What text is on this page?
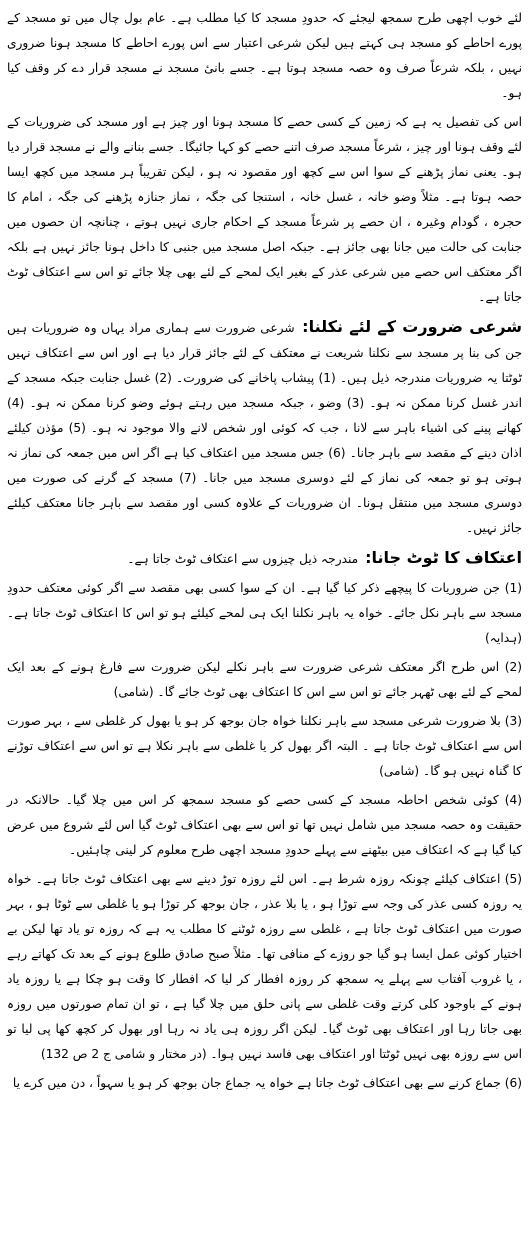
لئے خوب اچھی طرح سمجھ لیجئے کہ حدودِ مسجد کا کیا مطلب ہے۔ عام بول چال میں تو مسجد کے پورے احاطے کو مسجد ہی کہتے ہیں لیکن شرعی اعتبار سے اس پورے احاطے کا مسجد ہونا ضروری نہیں ، بلکہ شرعاً صرف وہ حصہ مسجد ہوتا ہے۔ جسے بانیٔ مسجد نے مسجد قرار دے کر وقف کیا ہو۔

اس کی تفصیل یہ ہے کہ زمین کے کسی حصے کا مسجد ہونا اور چیز ہے اور مسجد کی ضروریات کے لئے وقف ہونا اور چیز ، شرعاً مسجد صرف اتنے حصے کو کہا جائیگا۔ جسے بنانے والے نے مسجد قرار دیا ہو۔ یعنی نماز پڑھنے کے سوا اس سے کچھ اور مقصود نہ ہو ، لیکن تقریباً ہر مسجد میں کچھ ایسا حصہ ہوتا ہے۔ مثلاً وضو خانہ ، غسل خانہ ، استنجا کی جگہ ، نماز جنازہ پڑھنے کی جگہ ، امام کا حجرہ ، گودام وغیرہ ، ان حصے پر شرعاً مسجد کے احکام جاری نہیں ہوتے ، چنانچہ ان حصوں میں جنابت کی حالت میں جانا بھی جائز ہے۔ جبکہ اصل مسجد میں جنبی کا داخل ہونا جائز نہیں ہے بلکہ اگر معتکف اس حصے میں شرعی عذر کے بغیر ایک لمحے کے لئے بھی چلا جائے تو اس سے اعتکاف ٹوٹ جاتا ہے۔

شرعی ضرورت کے لئے نکلنا: شرعی ضرورت سے ہماری مراد یہاں وہ ضروریات ہیں جن کی بنا پر مسجد سے نکلنا شریعت نے معتکف کے لئے جائز قرار دیا ہے اور اس سے اعتکاف نہیں ٹوٹتا یہ ضروریات مندرجہ ذیل ہیں۔ (1) پیشاب پاخانے کی ضرورت۔ (2) غسل جنابت جبکہ مسجد کے اندر غسل کرنا ممکن نہ ہو۔ (3) وضو ، جبکہ مسجد میں رہتے ہوئے وضو کرنا ممکن نہ ہو۔ (4) کھانے پینے کی اشیاء باہر سے لانا ، جب کہ کوئی اور شخص لانے والا موجود نہ ہو۔ (5) مؤذن کیلئے اذان دینے کے مقصد سے باہر جانا۔ (6) جس مسجد میں اعتکاف کیا ہے اگر اس میں جمعہ کی نماز نہ ہوتی ہو تو جمعہ کی نماز کے لئے دوسری مسجد میں جانا۔ (7) مسجد کے گرنے کی صورت میں دوسری مسجد میں منتقل ہونا۔ ان ضروریات کے علاوہ کسی اور مقصد سے باہر جانا معتکف کیلئے جائز نہیں۔

اعتکاف کا ٹوٹ جانا: مندرجہ ذیل چیزوں سے اعتکاف ٹوٹ جاتا ہے۔

(1) جن ضروریات کا پیچھے ذکر کیا گیا ہے۔ ان کے سوا کسی بھی مقصد سے اگر کوئی معتکف حدودِ مسجد سے باہر نکل جائے۔ خواہ یہ باہر نکلنا ایک ہی لمحے کیلئے ہو تو اس کا اعتکاف ٹوٹ جاتا ہے۔ (ہدایہ)

(2) اس طرح اگر معتکف شرعی ضرورت سے باہر نکلے لیکن ضرورت سے فارغ ہونے کے بعد ایک لمحے کے لئے بھی ٹھہر جائے تو اس سے اس کا اعتکاف بھی ٹوٹ جائے گا۔ (شامی)

(3) بلا ضرورت شرعی مسجد سے باہر نکلنا خواہ جان بوجھ کر ہو یا بھول کر غلطی سے ، بہر صورت اس سے اعتکاف ٹوٹ جاتا ہے ۔ البتہ اگر بھول کر یا غلطی سے باہر نکلا ہے تو اس سے اعتکاف توڑنے کا گناہ نہیں ہو گا۔ (شامی)

(4) کوئی شخص احاطہ مسجد کے کسی حصے کو مسجد سمجھ کر اس میں چلا گیا۔ حالانکہ در حقیقت وہ حصہ مسجد میں شامل نہیں تھا تو اس سے بھی اعتکاف ٹوٹ گیا اس لئے شروع میں عرض کیا گیا ہے کہ اعتکاف میں بیٹھنے سے پہلے حدودِ مسجد اچھی طرح معلوم کر لینی چاہئیں۔

(5) اعتکاف کیلئے چونکہ روزہ شرط ہے۔ اس لئے روزہ توڑ دینے سے بھی اعتکاف ٹوٹ جاتا ہے۔ خواہ یہ روزہ کسی عذر کی وجہ سے توڑا ہو ، یا بلا عذر ، جان بوجھ کر توڑا ہو یا غلطی سے ٹوٹا ہو ، بہر صورت میں اعتکاف ٹوٹ جاتا ہے ، غلطی سے روزہ ٹوٹنے کا مطلب یہ ہے کہ روزہ تو یاد تھا لیکن بے اختیار کوئی عمل ایسا ہو گیا جو روزے کے منافی تھا۔ مثلاً صبح صادق طلوع ہونے کے بعد تک کھاتے رہے ، یا غروب آفتاب سے پہلے یہ سمجھ کر روزہ افطار کر لیا کہ افطار کا وقت ہو چکا ہے یا روزہ یاد ہونے کے باوجود کلی کرتے وقت غلطی سے پانی حلق میں چلا گیا ہے ، تو ان تمام صورتوں میں روزہ بھی جاتا رہا اور اعتکاف بھی ٹوٹ گیا۔ لیکن اگر روزہ ہی یاد نہ رہا اور بھول کر کچھ کھا پی لیا تو اس سے روزہ بھی نہیں ٹوٹتا اور اعتکاف بھی فاسد نہیں ہوا۔ (در مختار و شامی ج 2 ص 132)

(6) جماع کرنے سے بھی اعتکاف ٹوٹ جاتا ہے خواہ یہ جماع جان بوجھ کر ہو یا سہواً ، دن میں کرے یا
